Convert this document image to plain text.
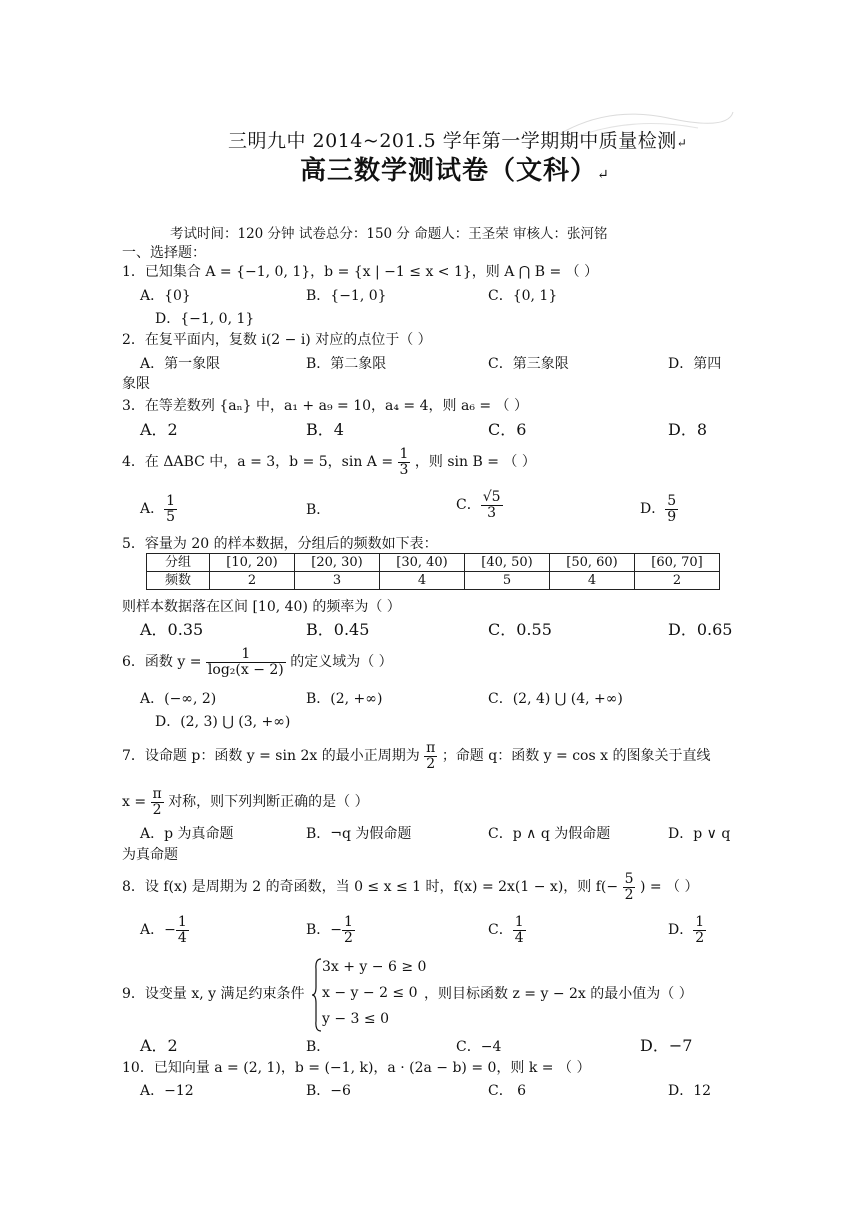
三明九中 2014~201.5 学年第一学期期中质量检测↵
高三数学测试卷（文科）↵
考试时间：120 分钟 试卷总分：150 分 命题人：王圣荣 审核人：张河铭
一、选择题：
1．已知集合 A = {−1, 0, 1}，b = {x | −1 ≤ x < 1}，则 A ⋂ B = （ ）
A．{0}	B．{−1, 0}	C．{0, 1}
D．{−1, 0, 1}
2．在复平面内，复数 i(2 − i) 对应的点位于（ ）
A．第一象限	B．第二象限	C．第三象限	D．第四
象限
3．在等差数列 {aₙ} 中，a₁ + a₉ = 10，a₄ = 4，则 a₆ = （ ）
A．2	B．4	C．6	D．8
4．在 ΔABC 中，a = 3，b = 5，$\sin A = \frac{1}{3}$ ，则 sin B = （ ）
A． $\frac{1}{5}$	B．	C． $\frac{√5}{3}$	D． $\frac{5}{9}$
5．容量为 20 的样本数据，分组后的频数如下表：
分组	[10, 20)	[20, 30)	[30, 40)	[40, 50)	[50, 60)	[60, 70]
频数	2	3	4	5	4	2
则样本数据落在区间 [10, 40) 的频率为（ ）
A．0.35	B．0.45	C．0.55	D．0.65
6．函数 $y = \frac{1}{\text{log₂(x − 2)}}$ 的定义域为（ ）
A．(−∞, 2)	B．(2, +∞)	C．(2, 4) ⋃ (4, +∞)
D．(2, 3) ⋃ (3, +∞)
7．设命题 p：函数 y = sin 2x 的最小正周期为 $\frac{\pi}{2}$ ；命题 q：函数 y = cos x 的图象关于直线
$x = \frac{\pi}{2}$ 对称，则下列判断正确的是（ ）
A．p 为真命题	B．¬q 为假命题	C．p ∧ q 为假命题	D．p ∨ q
为真命题
8．设 f(x) 是周期为 2 的奇函数，当 0 ≤ x ≤ 1 时，f(x) = 2x(1 − x)，则 $f(- \frac{5}{2}$ ) = （ ）
A．− $\frac{1}{4}$	B．− $\frac{1}{2}$	C． $\frac{1}{4}$	D． $\frac{1}{2}$
9．设变量 x, y 满足约束条件
3x + y − 6 ≥ 0
x − y − 2 ≤ 0
y − 3 ≤ 0
，则目标函数 z = y − 2x 的最小值为（ ）
A．2	B．	C．−4	D．−7
10．已知向量 a = (2, 1)，b = (−1, k)，a · (2a − b) = 0，则 k = （ ）
A．−12	B．−6	C． 6	D．12
